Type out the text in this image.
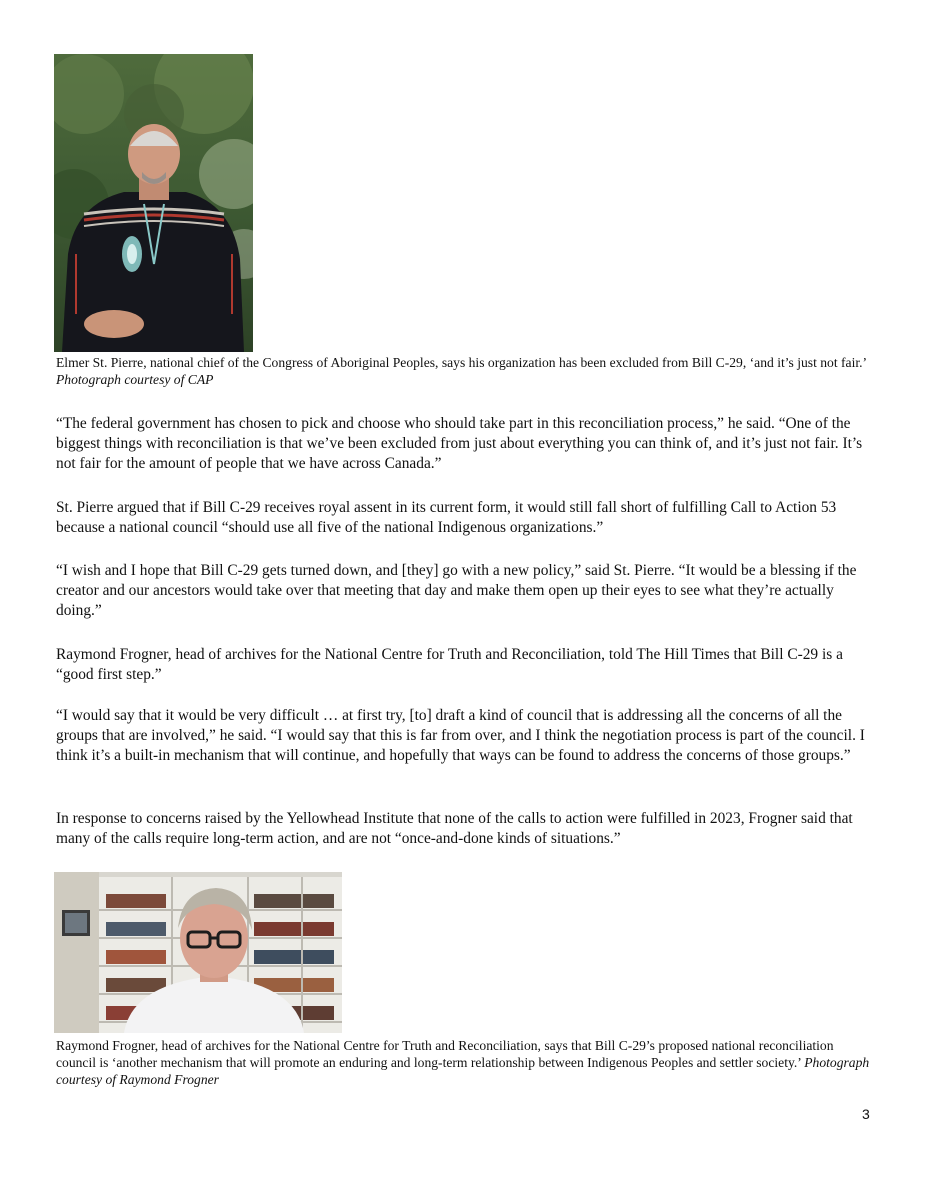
Elmer St. Pierre, national chief of the Congress of Aboriginal Peoples, says his organization has been excluded from Bill C-29, ‘and it’s just not fair.’ Photograph courtesy of CAP

“The federal government has chosen to pick and choose who should take part in this reconciliation process,” he said. “One of the biggest things with reconciliation is that we’ve been excluded from just about everything you can think of, and it’s just not fair. It’s not fair for the amount of people that we have across Canada.”

St. Pierre argued that if Bill C-29 receives royal assent in its current form, it would still fall short of fulfilling Call to Action 53 because a national council “should use all five of the national Indigenous organizations.”

“I wish and I hope that Bill C-29 gets turned down, and [they] go with a new policy,” said St. Pierre. “It would be a blessing if the creator and our ancestors would take over that meeting that day and make them open up their eyes to see what they’re actually doing.”

Raymond Frogner, head of archives for the National Centre for Truth and Reconciliation, told The Hill Times that Bill C-29 is a “good first step.”

“I would say that it would be very difficult … at first try, [to] draft a kind of council that is addressing all the concerns of all the groups that are involved,” he said. “I would say that this is far from over, and I think the negotiation process is part of the council. I think it’s a built-in mechanism that will continue, and hopefully that ways can be found to address the concerns of those groups.”

In response to concerns raised by the Yellowhead Institute that none of the calls to action were fulfilled in 2023, Frogner said that many of the calls require long-term action, and are not “once-and-done kinds of situations.”

Raymond Frogner, head of archives for the National Centre for Truth and Reconciliation, says that Bill C-29’s proposed national reconciliation council is ‘another mechanism that will promote an enduring and long-term relationship between Indigenous Peoples and settler society.’ Photograph courtesy of Raymond Frogner

3
